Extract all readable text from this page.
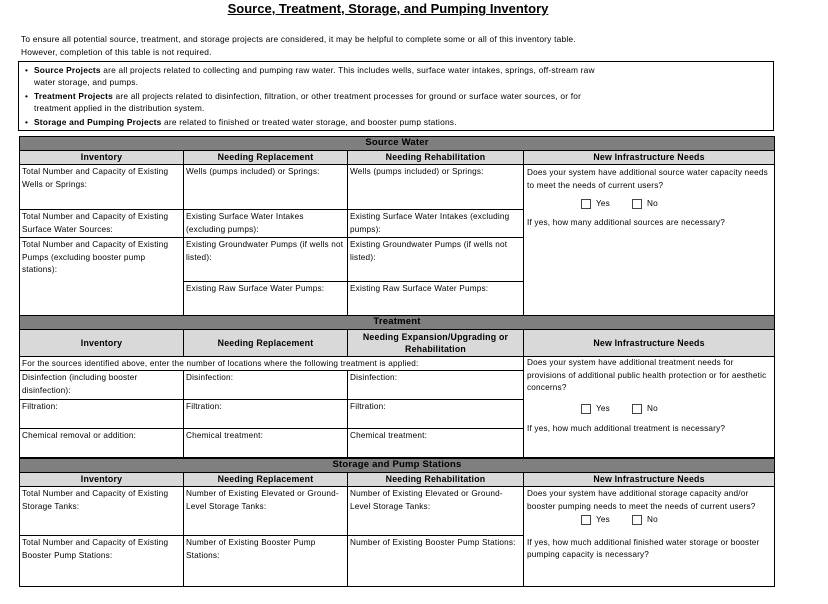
Source, Treatment, Storage, and Pumping Inventory
To ensure all potential source, treatment, and storage projects are considered, it may be helpful to complete some or all of this inventory table.
However, completion of this table is not required.
• Source Projects are all projects related to collecting and pumping raw water. This includes wells, surface water intakes, springs, off-stream raw
water storage, and pumps.
• Treatment Projects are all projects related to disinfection, filtration, or other treatment processes for ground or surface water sources, or for
treatment applied in the distribution system.
• Storage and Pumping Projects are related to finished or treated water storage, and booster pump stations.
Source Water			
Inventory	Needing Replacement	Needing Rehabilitation	New Infrastructure Needs
Total Number and Capacity of Existing Wells or Springs:	Wells (pumps included) or Springs:	Wells (pumps included) or Springs:	Does your system have additional source water capacity needs to meet the needs of current users?
Yes No
If yes, how many additional sources are necessary?

Total Number and Capacity of Existing Surface Water Sources:	Existing Surface Water Intakes (excluding pumps):	Existing Surface Water Intakes (excluding pumps):	
Total Number and Capacity of Existing Pumps (excluding booster pump stations):	Existing Groundwater Pumps (if wells not listed):	Existing Groundwater Pumps (if wells not listed):	
	Existing Raw Surface Water Pumps:	Existing Raw Surface Water Pumps:	
Treatment			
Inventory	Needing Replacement	Needing Expansion/Upgrading or Rehabilitation	New Infrastructure Needs
For the sources identified above, enter the number of locations where the following treatment is applied:			Does your system have additional treatment needs for provisions of additional public health protection or for aesthetic concerns?
Yes No
If yes, how much additional treatment is necessary?

Disinfection (including booster disinfection):	Disinfection:	Disinfection:	
Filtration:	Filtration:	Filtration:	
Chemical removal or addition:	Chemical treatment:	Chemical treatment:	
Storage and Pump Stations			
Inventory	Needing Replacement	Needing Rehabilitation	New Infrastructure Needs
Total Number and Capacity of Existing Storage Tanks:	Number of Existing Elevated or Ground-Level Storage Tanks:	Number of Existing Elevated or Ground-Level Storage Tanks:	Does your system have additional storage capacity and/or booster pumping needs to meet the needs of current users?
Yes No
If yes, how much additional finished water storage or booster pumping capacity is necessary?

Total Number and Capacity of Existing Booster Pump Stations:	Number of Existing Booster Pump Stations:	Number of Existing Booster Pump Stations:	
